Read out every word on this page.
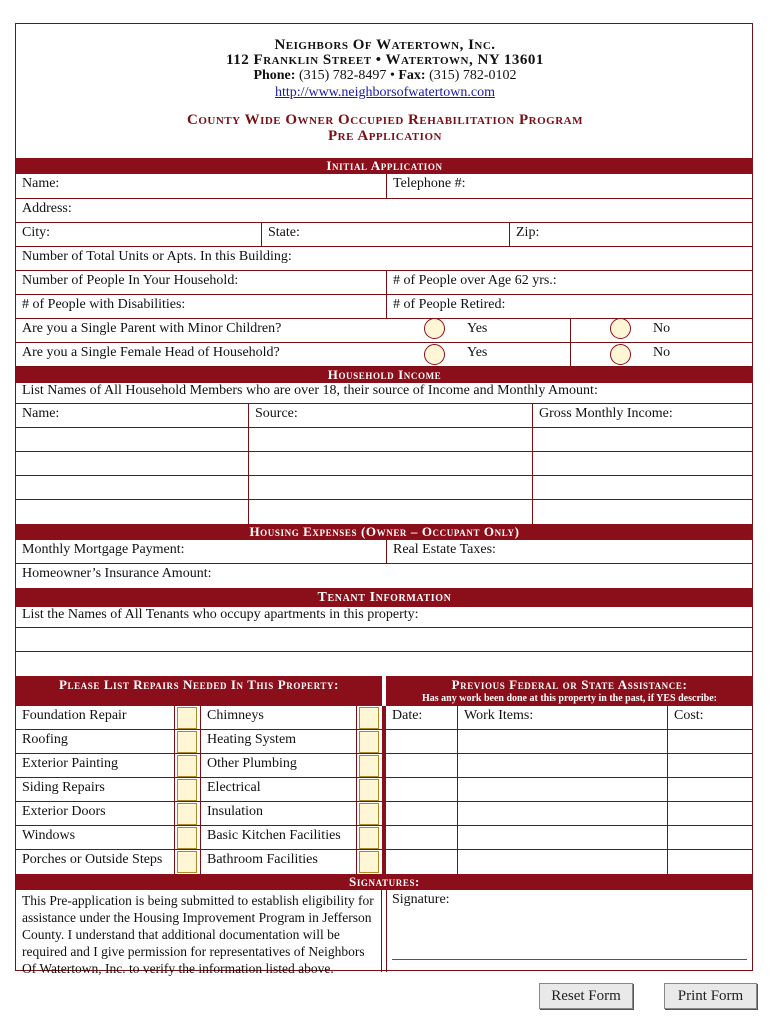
Neighbors Of Watertown, Inc.
112 Franklin Street • Watertown, NY 13601
Phone: (315) 782-8497 • Fax: (315) 782-0102
http://www.neighborsofwatertown.com
County Wide Owner Occupied Rehabilitation Program
Pre Application
Initial Application
Name:	Telephone #:
Address:
City:	State:	Zip:
Number of Total Units or Apts. In this Building:
Number of People In Your Household:	# of People over Age 62 yrs.:
# of People with Disabilities:	# of People Retired:
Are you a Single Parent with Minor Children?	Yes	No
Are you a Single Female Head of Household?	Yes	No
Household Income
List Names of All Household Members who are over 18, their source of Income and Monthly Amount:
Name:	Source:	Gross Monthly Income:
Housing Expenses (Owner – Occupant Only)
Monthly Mortgage Payment:	Real Estate Taxes:
Homeowner’s Insurance Amount:
Tenant Information
List the Names of All Tenants who occupy apartments in this property:
Please List Repairs Needed In This Property:	Previous Federal or State Assistance:
Has any work been done at this property in the past, if YES describe:
Foundation Repair	Chimneys
Roofing	Heating System
Exterior Painting	Other Plumbing
Siding Repairs	Electrical
Exterior Doors	Insulation
Windows	Basic Kitchen Facilities
Porches or Outside Steps	Bathroom Facilities
Date:	Work Items:	Cost:
Signatures:
This Pre-application is being submitted to establish eligibility for
assistance under the Housing Improvement Program in Jefferson
County. I understand that additional documentation will be
required and I give permission for representatives of Neighbors
Of Watertown, Inc. to verify the information listed above.
Signature:
Reset Form	Print Form
